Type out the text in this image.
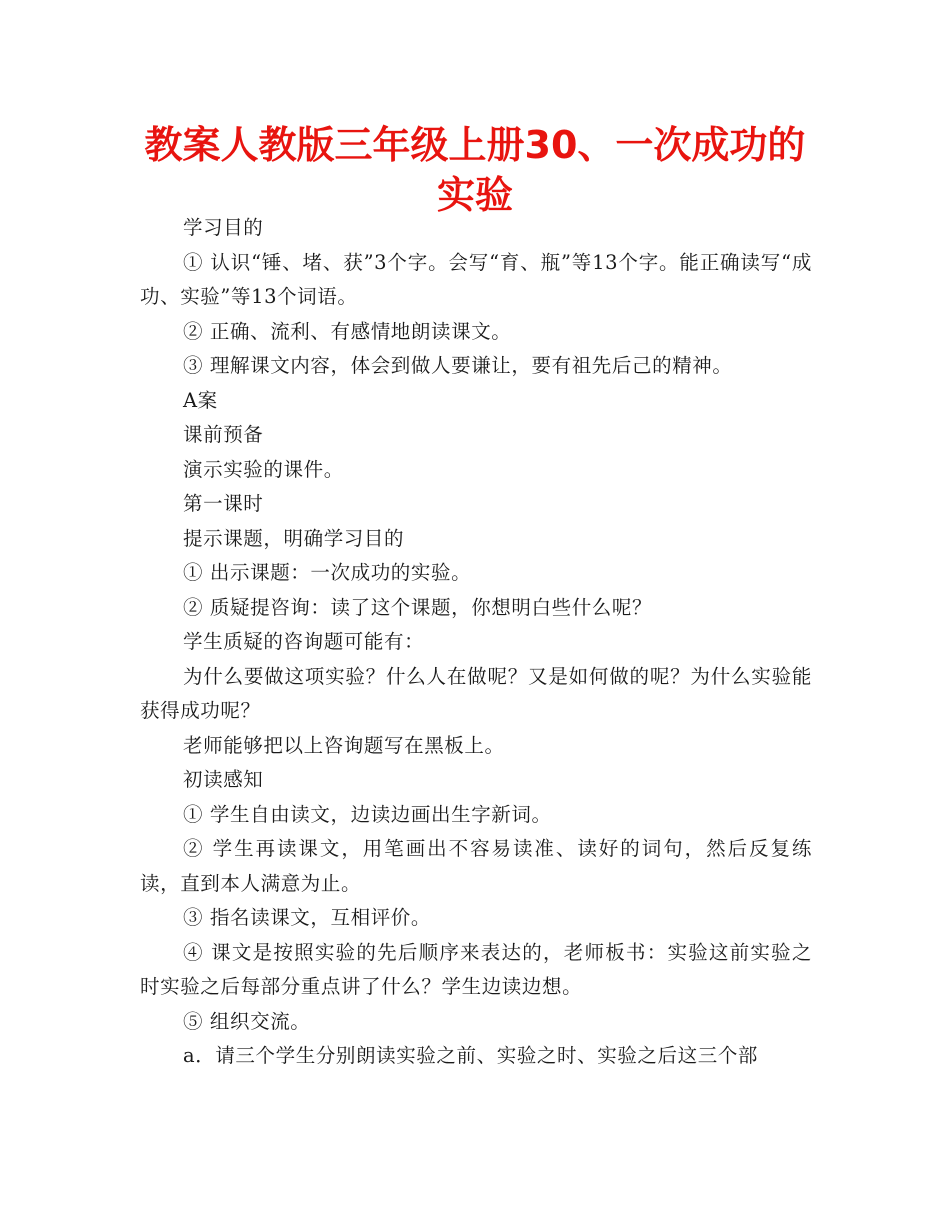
教案人教版三年级上册30、一次成功的实验

学习目的

① 认识“锤、堵、获”3个字。会写“育、瓶”等13个字。能正确读写“成功、实验”等13个词语。

② 正确、流利、有感情地朗读课文。

③ 理解课文内容，体会到做人要谦让，要有祖先后己的精神。

A案

课前预备

演示实验的课件。

第一课时

提示课题，明确学习目的

① 出示课题：一次成功的实验。

② 质疑提咨询：读了这个课题，你想明白些什么呢？

学生质疑的咨询题可能有：

为什么要做这项实验？什么人在做呢？又是如何做的呢？为什么实验能获得成功呢？

老师能够把以上咨询题写在黑板上。

初读感知

① 学生自由读文，边读边画出生字新词。

② 学生再读课文，用笔画出不容易读准、读好的词句，然后反复练读，直到本人满意为止。

③ 指名读课文，互相评价。

④ 课文是按照实验的先后顺序来表达的，老师板书：实验这前实验之时实验之后每部分重点讲了什么？学生边读边想。

⑤ 组织交流。

a．请三个学生分别朗读实验之前、实验之时、实验之后这三个部
